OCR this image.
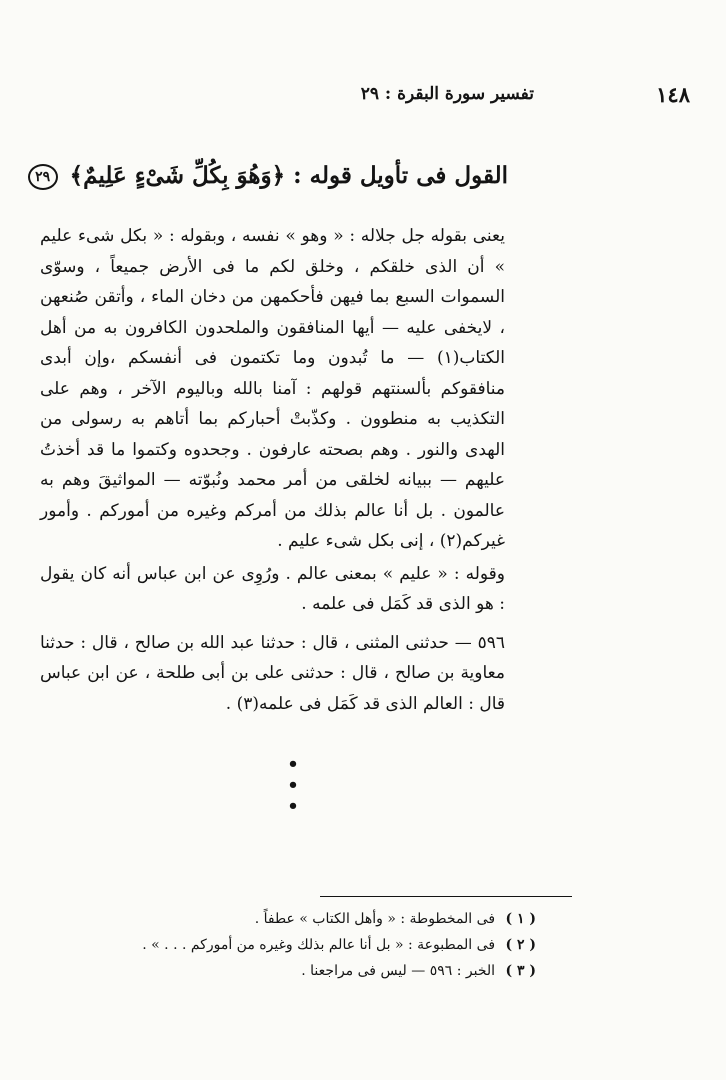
١٤٨
تفسير سورة البقرة : ٢٩
القول فى تأويل قوله : ﴿وَهُوَ بِكُلِّ شَىْءٍ عَلِيمٌ﴾ ٢٩

يعنى بقوله جل جلاله : « وهو » نفسه ، وبقوله : « بكل شىء عليم » أن الذى خلقكم ، وخلق لكم ما فى الأرض جميعاً ، وسوّى السموات السبع بما فيهن فأحكمهن من دخان الماء ، وأتقن صُنعهن ، لايخفى عليه — أيها المنافقون والملحدون الكافرون به من أهل الكتاب(١) — ما تُبدون وما تكتمون فى أنفسكم ،وإن أبدى منافقوكم بألسنتهم قولهم : آمنا بالله وباليوم الآخر ، وهم على التكذيب به منطوون . وكذّبتْ أحباركم بما أتاهم به رسولى من الهدى والنور . وهم بصحته عارفون . وجحدوه وكتموا ما قد أخذتُ عليهم — ببيانه لخلقى من أمر محمد ونُبوّته — المواثيقَ وهم به عالمون . بل أنا عالم بذلك من أمركم وغيره من أموركم . وأمور غيركم(٢) ، إنى بكل شىء عليم .

وقوله : « عليم » بمعنى عالم . ورُوِى عن ابن عباس أنه كان يقول : هو الذى قد كَمَل فى علمه .

٥٩٦ — حدثنى المثنى ، قال : حدثنا عبد الله بن صالح ، قال : حدثنا معاوية بن صالح ، قال : حدثنى على بن أبى طلحة ، عن ابن عباس قال : العالم الذى قد كَمَل فى علمه(٣) .

• • •
( ١ ) فى المخطوطة : « وأهل الكتاب » عطفاً .
( ٢ ) فى المطبوعة : « بل أنا عالم بذلك وغيره من أموركم . . . » .
( ٣ ) الخبر : ٥٩٦ — ليس فى مراجعنا .
